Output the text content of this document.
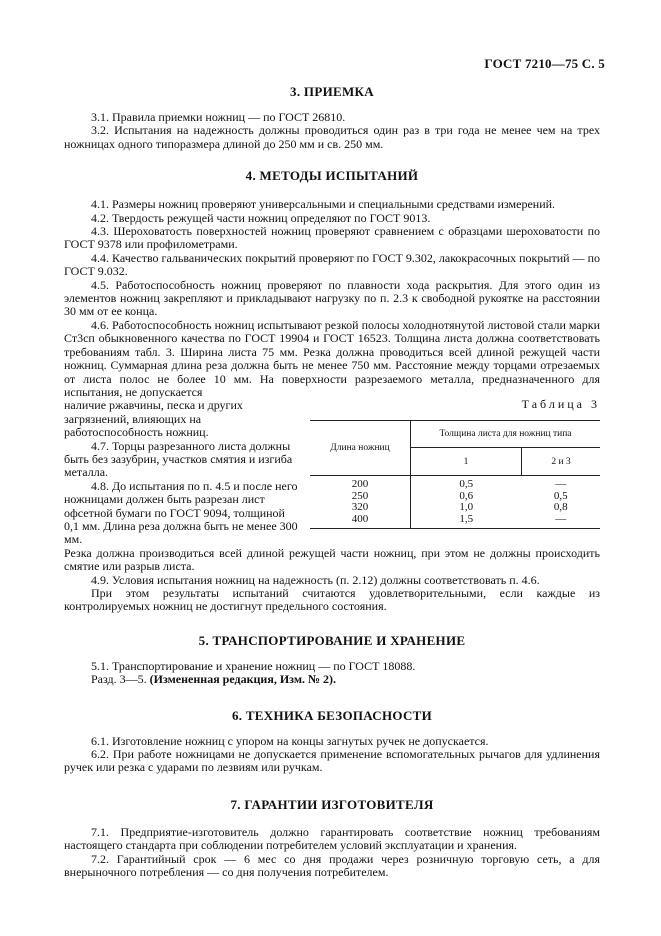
ГОСТ 7210—75 С. 5
3. ПРИЕМКА

3.1. Правила приемки ножниц — по ГОСТ 26810.

3.2. Испытания на надежность должны проводиться один раз в три года не менее чем на трех ножницах одного типоразмера длиной до 250 мм и св. 250 мм.

4. МЕТОДЫ ИСПЫТАНИЙ

4.1. Размеры ножниц проверяют универсальными и специальными средствами измерений.

4.2. Твердость режущей части ножниц определяют по ГОСТ 9013.

4.3. Шероховатость поверхностей ножниц проверяют сравнением с образцами шероховатости по ГОСТ 9378 или профилометрами.

4.4. Качество гальванических покрытий проверяют по ГОСТ 9.302, лакокрасочных покрытий — по ГОСТ 9.032.

4.5. Работоспособность ножниц проверяют по плавности хода раскрытия. Для этого один из элементов ножниц закрепляют и прикладывают нагрузку по п. 2.3 к свободной рукоятке на расстоянии 30 мм от ее конца.

4.6. Работоспособность ножниц испытывают резкой полосы холоднотянутой листовой стали марки Ст3сп обыкновенного качества по ГОСТ 19904 и ГОСТ 16523. Толщина листа должна соответствовать требованиям табл. 3. Ширина листа 75 мм. Резка должна проводиться всей длиной режущей части ножниц. Суммарная длина реза должна быть не менее 750 мм. Расстояние между торцами отрезаемых от листа полос не более 10 мм. На поверхности разрезаемого металла, предназначенного для испытания, не допускается

Таблица 3
Длина ножниц	Толщина листа для ножниц типа	
	1	2 и 3
200	0,5	—
250	0,6	0,5
320	1,0	0,8
400	1,5	—

наличие ржавчины, песка и других загрязнений, влияющих на работоспособность ножниц.

4.7. Торцы разрезанного листа должны быть без зазубрин, участков смятия и изгиба металла.

4.8. До испытания по п. 4.5 и после него ножницами должен быть разрезан лист офсетной бумаги по ГОСТ 9094, толщиной 0,1 мм. Длина реза должна быть не менее 300 мм.

Резка должна производиться всей длиной режущей части ножниц, при этом не должны происходить смятие или разрыв листа.

4.9. Условия испытания ножниц на надежность (п. 2.12) должны соответствовать п. 4.6.

При этом результаты испытаний считаются удовлетворительными, если каждые из контролируемых ножниц не достигнут предельного состояния.

5. ТРАНСПОРТИРОВАНИЕ И ХРАНЕНИЕ

5.1. Транспортирование и хранение ножниц — по ГОСТ 18088.

Разд. 3—5. (Измененная редакция, Изм. № 2).

6. ТЕХНИКА БЕЗОПАСНОСТИ

6.1. Изготовление ножниц с упором на концы загнутых ручек не допускается.

6.2. При работе ножницами не допускается применение вспомогательных рычагов для удлинения ручек или резка с ударами по лезвиям или ручкам.

7. ГАРАНТИИ ИЗГОТОВИТЕЛЯ

7.1. Предприятие-изготовитель должно гарантировать соответствие ножниц требованиям настоящего стандарта при соблюдении потребителем условий эксплуатации и хранения.

7.2. Гарантийный срок — 6 мес со дня продажи через розничную торговую сеть, а для внерыночного потребления — со дня получения потребителем.
